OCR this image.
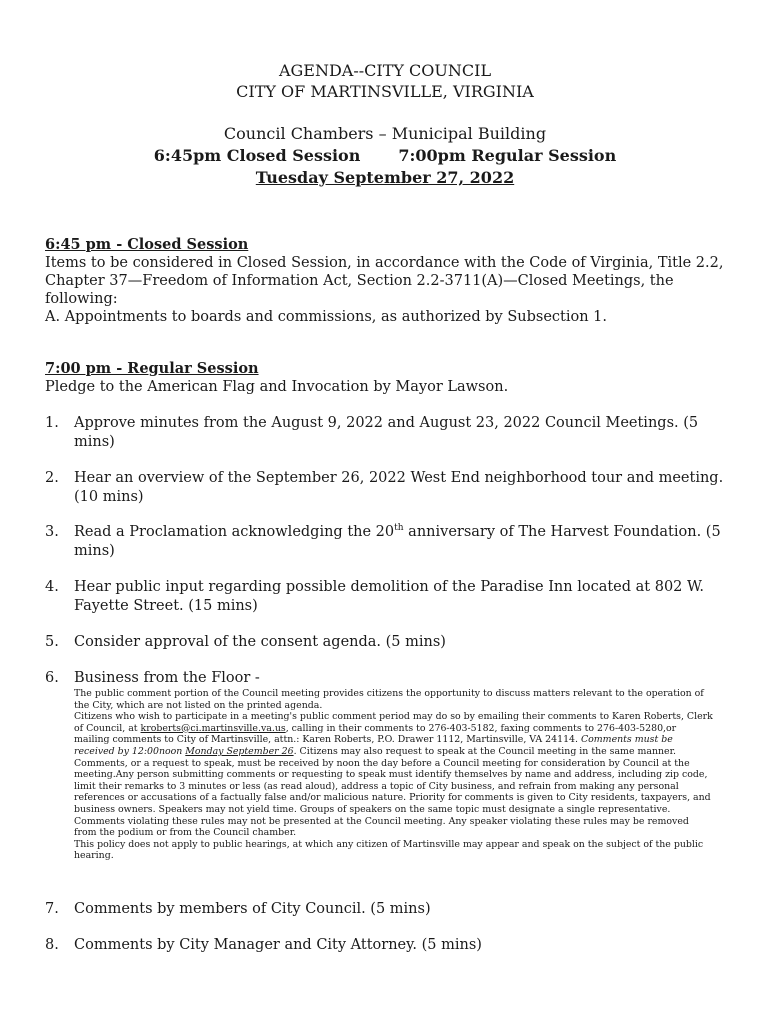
AGENDA--CITY COUNCIL
CITY OF MARTINSVILLE, VIRGINIA
Council Chambers – Municipal Building
6:45pm Closed Session 7:00pm Regular Session
Tuesday September 27, 2022
6:45 pm - Closed Session
Items to be considered in Closed Session, in accordance with the Code of Virginia, Title 2.2, Chapter 37—Freedom of Information Act, Section 2.2-3711(A)—Closed Meetings, the following:
A. Appointments to boards and commissions, as authorized by Subsection 1.
7:00 pm - Regular Session
Pledge to the American Flag and Invocation by Mayor Lawson.
1.	Approve minutes from the August 9, 2022 and August 23, 2022 Council Meetings. (5 mins)
2.	Hear an overview of the September 26, 2022 West End neighborhood tour and meeting. (10 mins)
3.	Read a Proclamation acknowledging the 20th anniversary of The Harvest Foundation. (5 mins)
4.	Hear public input regarding possible demolition of the Paradise Inn located at 802 W. Fayette Street. (15 mins)
5.	Consider approval of the consent agenda. (5 mins)
6.	Business from the Floor -

The public comment portion of the Council meeting provides citizens the opportunity to discuss matters relevant to the operation of the City, which are not listed on the printed agenda.

Citizens who wish to participate in a meeting's public comment period may do so by emailing their comments to Karen Roberts, Clerk of Council, at kroberts@ci.martinsville.va.us, calling in their comments to 276-403-5182, faxing comments to 276-403-5280,or mailing comments to City of Martinsville, attn.: Karen Roberts, P.O. Drawer 1112, Martinsville, VA 24114. Comments must be received by 12:00noon Monday September 26. Citizens may also request to speak at the Council meeting in the same manner.

Comments, or a request to speak, must be received by noon the day before a Council meeting for consideration by Council at the meeting.Any person submitting comments or requesting to speak must identify themselves by name and address, including zip code, limit their remarks to 3 minutes or less (as read aloud), address a topic of City business, and refrain from making any personal references or accusations of a factually false and/or malicious nature. Priority for comments is given to City residents, taxpayers, and business owners. Speakers may not yield time. Groups of speakers on the same topic must designate a single representative. Comments violating these rules may not be presented at the Council meeting. Any speaker violating these rules may be removed from the podium or from the Council chamber.

This policy does not apply to public hearings, at which any citizen of Martinsville may appear and speak on the subject of the public hearing.

7.	Comments by members of City Council. (5 mins)
8.	Comments by City Manager and City Attorney. (5 mins)
